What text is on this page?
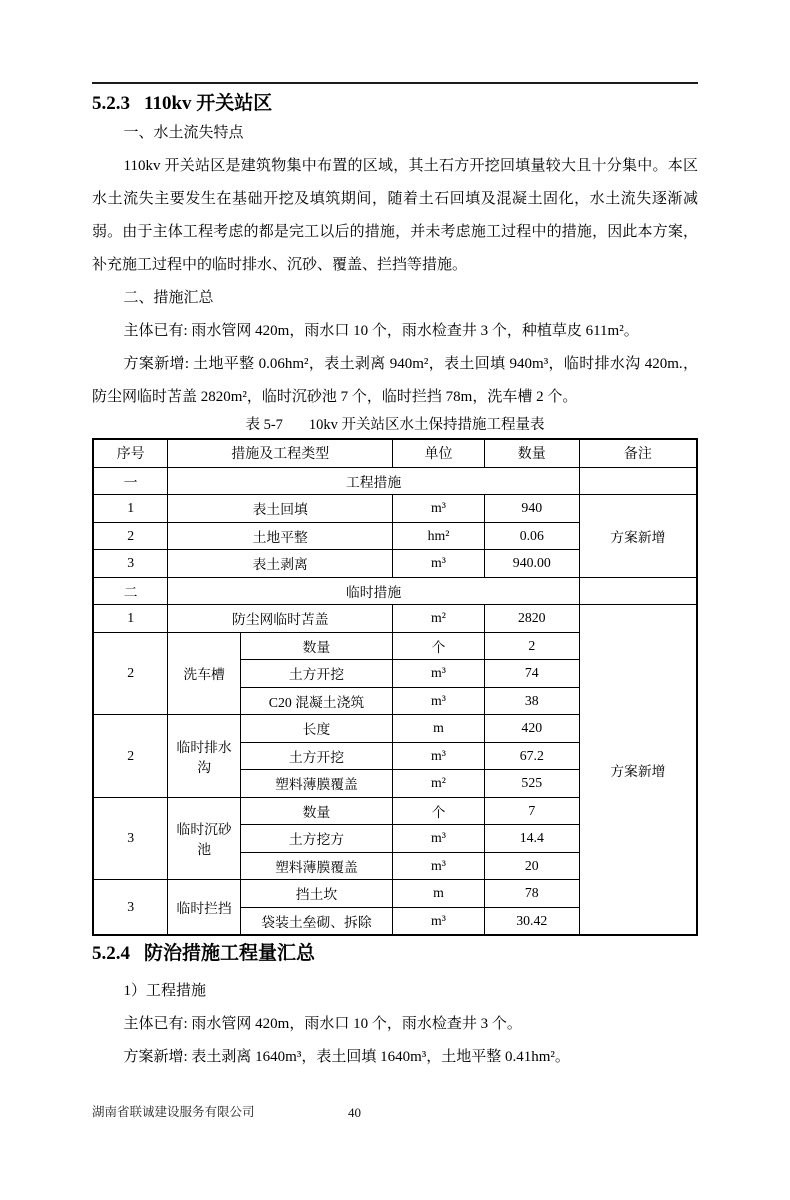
5.2.3 110kv 开关站区

一、水土流失特点

110kv 开关站区是建筑物集中布置的区域，其土石方开挖回填量较大且十分集中。本区水土流失主要发生在基础开挖及填筑期间，随着土石回填及混凝土固化，水土流失逐渐减弱。由于主体工程考虑的都是完工以后的措施，并未考虑施工过程中的措施，因此本方案，补充施工过程中的临时排水、沉砂、覆盖、拦挡等措施。

二、措施汇总

主体已有: 雨水管网 420m，雨水口 10 个，雨水检查井 3 个，种植草皮 611m²。

方案新增: 土地平整 0.06hm²，表土剥离 940m²，表土回填 940m³，临时排水沟 420m.，防尘网临时苫盖 2820m²，临时沉砂池 7 个，临时拦挡 78m，洗车槽 2 个。

表 5-7 10kv 开关站区水土保持措施工程量表
序号	措施及工程类型		单位	数量	备注
一	工程措施				
1	表土回填		m³	940	方案新增
2	土地平整		hm²	0.06	
3	表土剥离		m³	940.00	
二	临时措施				
1	防尘网临时苫盖		m²	2820	方案新增
2	洗车槽	数量	个	2	
		土方开挖	m³	74	
		C20 混凝土浇筑	m³	38	
2	临时排水沟	长度	m	420	
		土方开挖	m³	67.2	
		塑料薄膜覆盖	m²	525	
3	临时沉砂池	数量	个	7	
		土方挖方	m³	14.4	
		塑料薄膜覆盖	m³	20	
3	临时拦挡	挡土坎	m	78	
		袋装土垒砌、拆除	m³	30.42	
5.2.4 防治措施工程量汇总

1）工程措施

主体已有: 雨水管网 420m，雨水口 10 个，雨水检查井 3 个。

方案新增: 表土剥离 1640m³，表土回填 1640m³，土地平整 0.41hm²。

湖南省联诚建设服务有限公司	40
